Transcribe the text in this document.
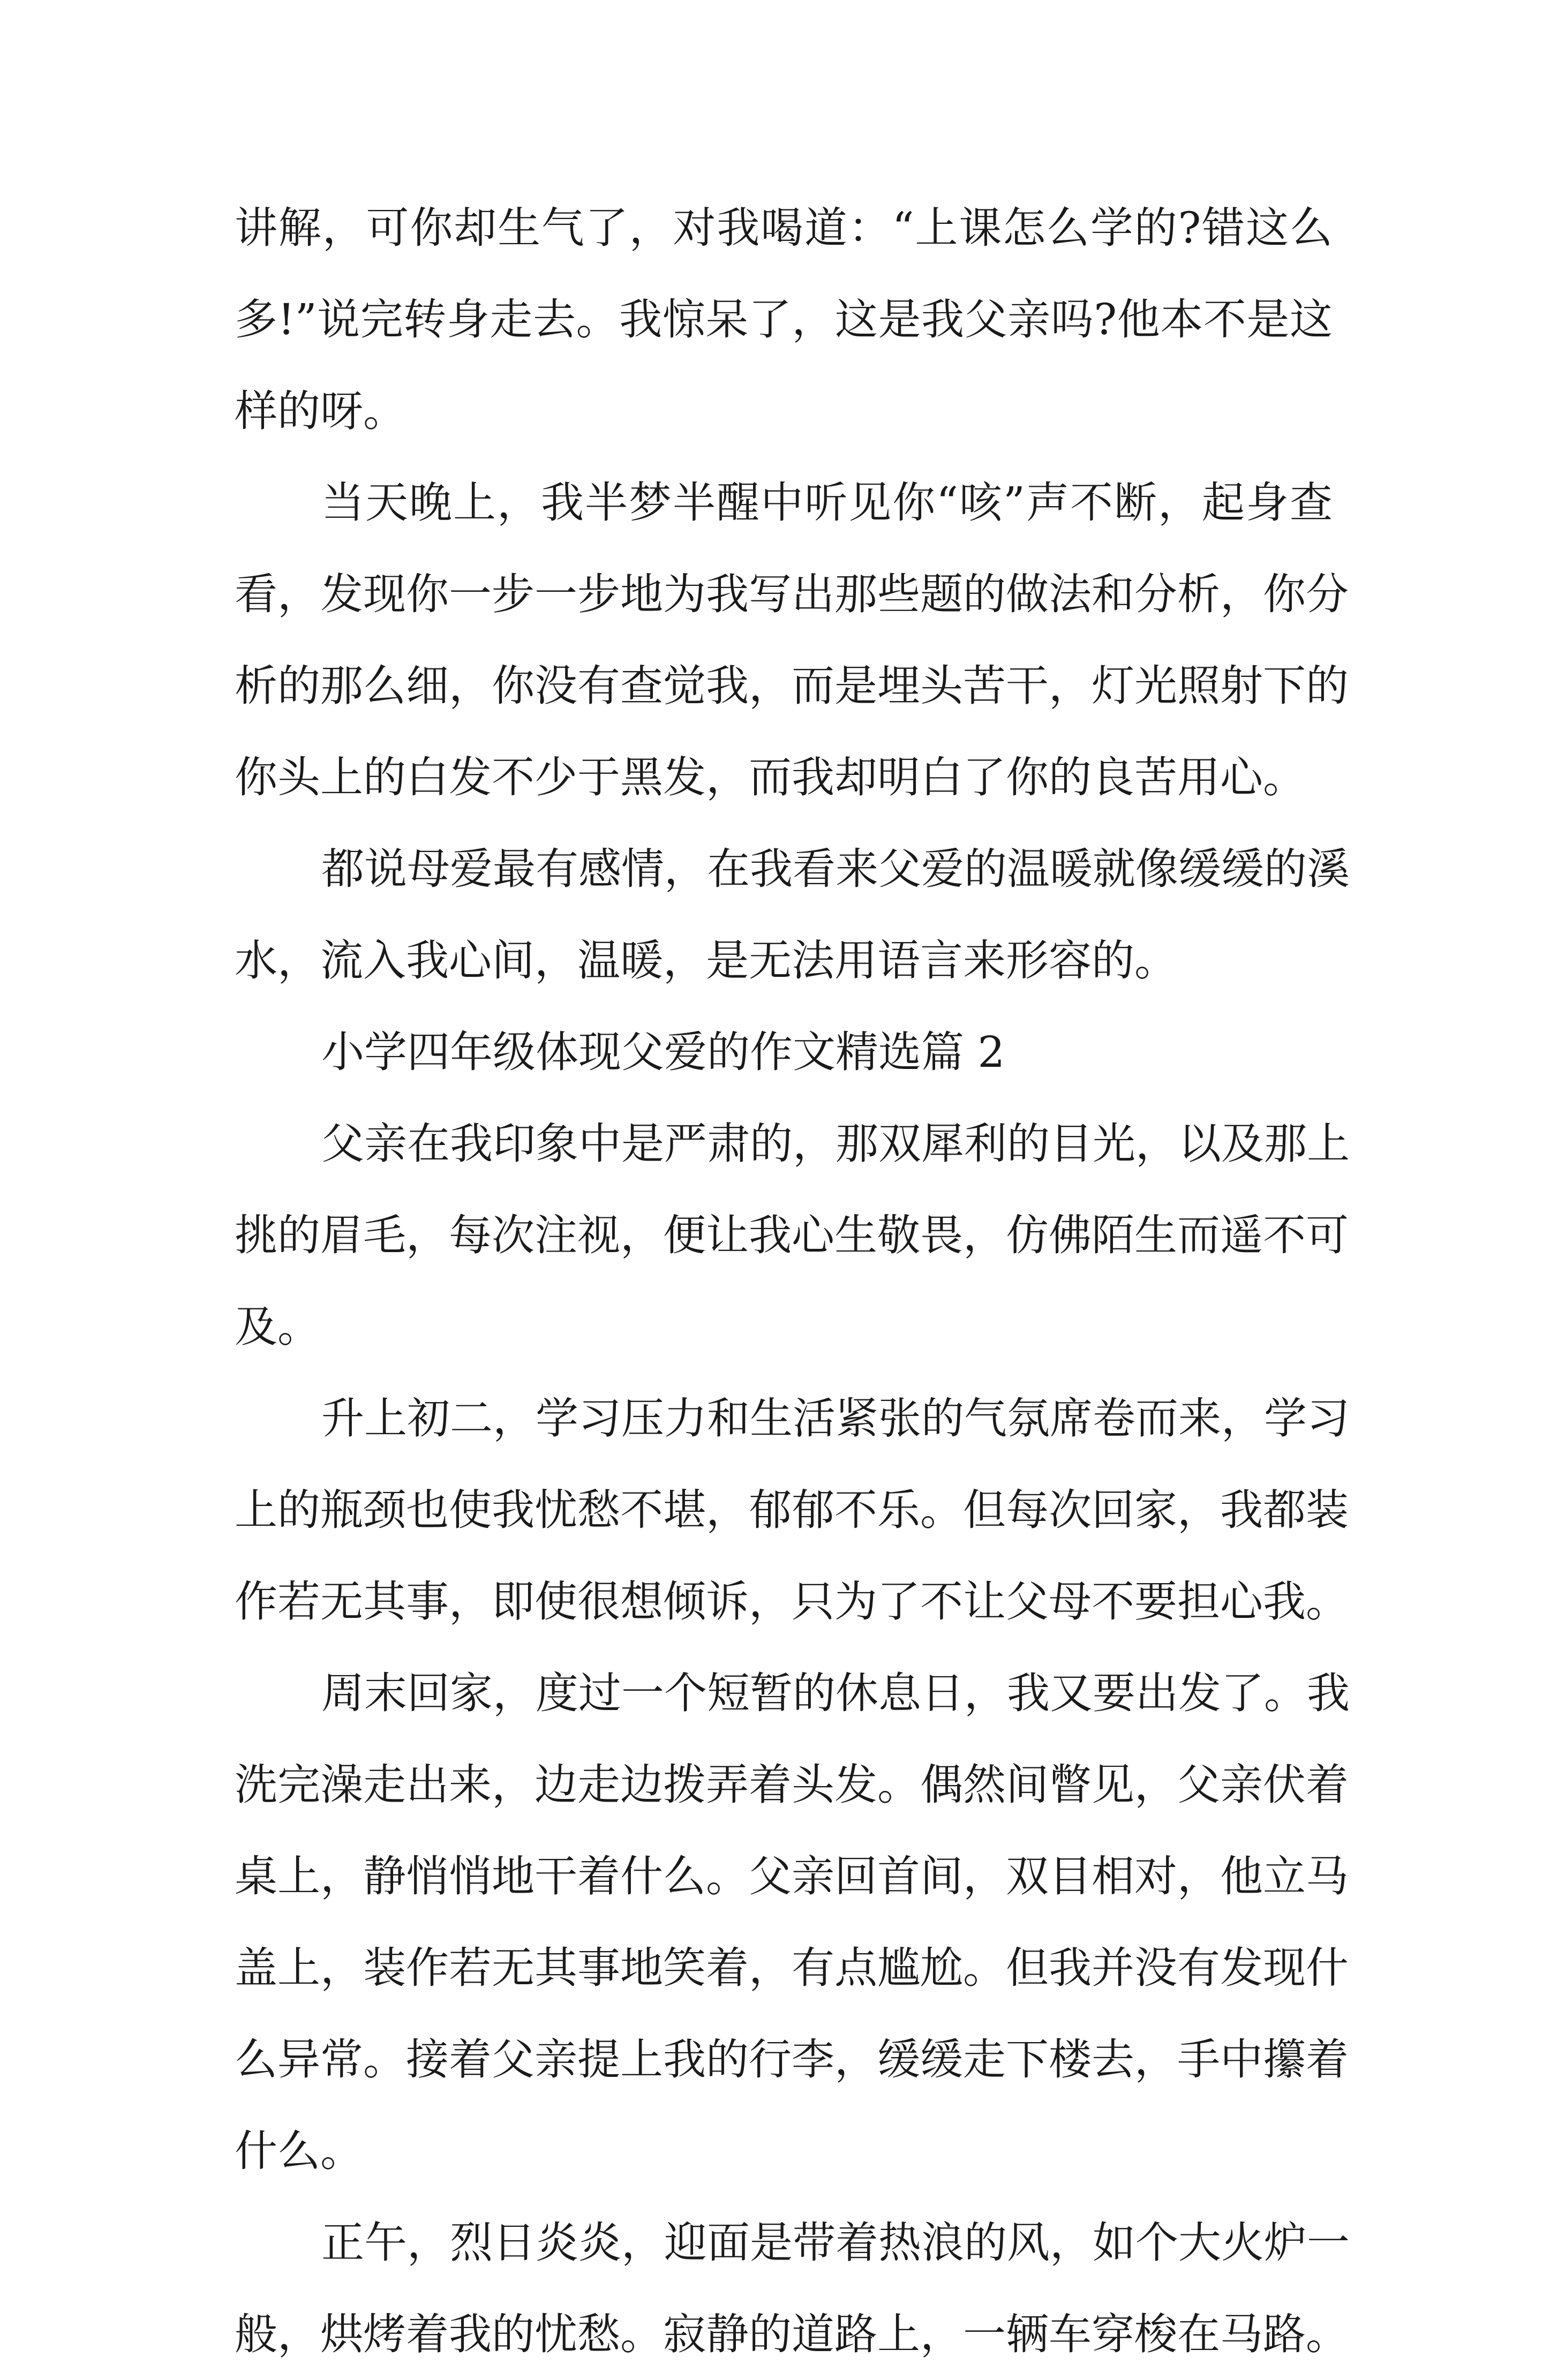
讲解，可你却生气了，对我喝道：“上课怎么学的?错这么
多!”说完转身走去。我惊呆了，这是我父亲吗?他本不是这
样的呀。
当天晚上，我半梦半醒中听见你“咳”声不断，起身查
看，发现你一步一步地为我写出那些题的做法和分析，你分
析的那么细，你没有查觉我，而是埋头苦干，灯光照射下的
你头上的白发不少于黑发，而我却明白了你的良苦用心。
都说母爱最有感情，在我看来父爱的温暖就像缓缓的溪
水，流入我心间，温暖，是无法用语言来形容的。
小学四年级体现父爱的作文精选篇 2
父亲在我印象中是严肃的，那双犀利的目光，以及那上
挑的眉毛，每次注视，便让我心生敬畏，仿佛陌生而遥不可
及。
升上初二，学习压力和生活紧张的气氛席卷而来，学习
上的瓶颈也使我忧愁不堪，郁郁不乐。但每次回家，我都装
作若无其事，即使很想倾诉，只为了不让父母不要担心我。
周末回家，度过一个短暂的休息日，我又要出发了。我
洗完澡走出来，边走边拨弄着头发。偶然间瞥见，父亲伏着
桌上，静悄悄地干着什么。父亲回首间，双目相对，他立马
盖上，装作若无其事地笑着，有点尴尬。但我并没有发现什
么异常。接着父亲提上我的行李，缓缓走下楼去，手中攥着
什么。
正午，烈日炎炎，迎面是带着热浪的风，如个大火炉一
般，烘烤着我的忧愁。寂静的道路上，一辆车穿梭在马路。
